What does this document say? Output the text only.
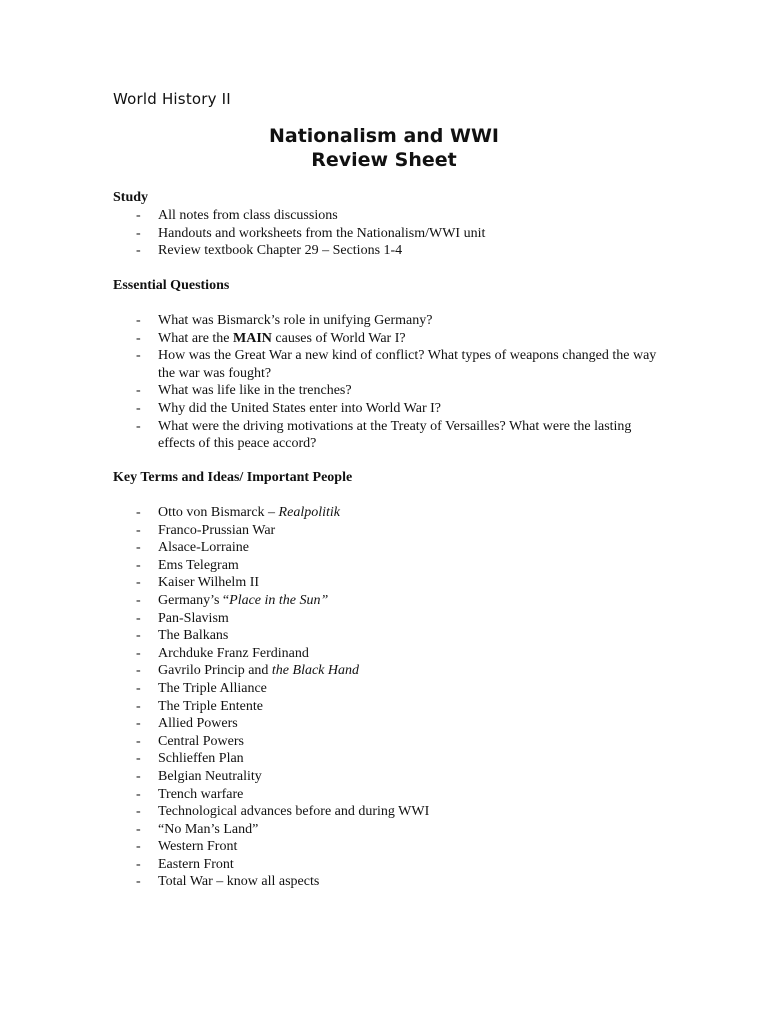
World History II
Nationalism and WWI
Review Sheet
Study
- All notes from class discussions
- Handouts and worksheets from the Nationalism/WWI unit
- Review textbook Chapter 29 – Sections 1-4
Essential Questions
- What was Bismarck’s role in unifying Germany?
- What are the MAIN causes of World War I?
- How was the Great War a new kind of conflict? What types of weapons changed the way the war was fought?
- What was life like in the trenches?
- Why did the United States enter into World War I?
- What were the driving motivations at the Treaty of Versailles? What were the lasting effects of this peace accord?
Key Terms and Ideas/ Important People
- Otto von Bismarck – Realpolitik
- Franco-Prussian War
- Alsace-Lorraine
- Ems Telegram
- Kaiser Wilhelm II
- Germany’s “Place in the Sun”
- Pan-Slavism
- The Balkans
- Archduke Franz Ferdinand
- Gavrilo Princip and the Black Hand
- The Triple Alliance
- The Triple Entente
- Allied Powers
- Central Powers
- Schlieffen Plan
- Belgian Neutrality
- Trench warfare
- Technological advances before and during WWI
- “No Man’s Land”
- Western Front
- Eastern Front
- Total War – know all aspects
